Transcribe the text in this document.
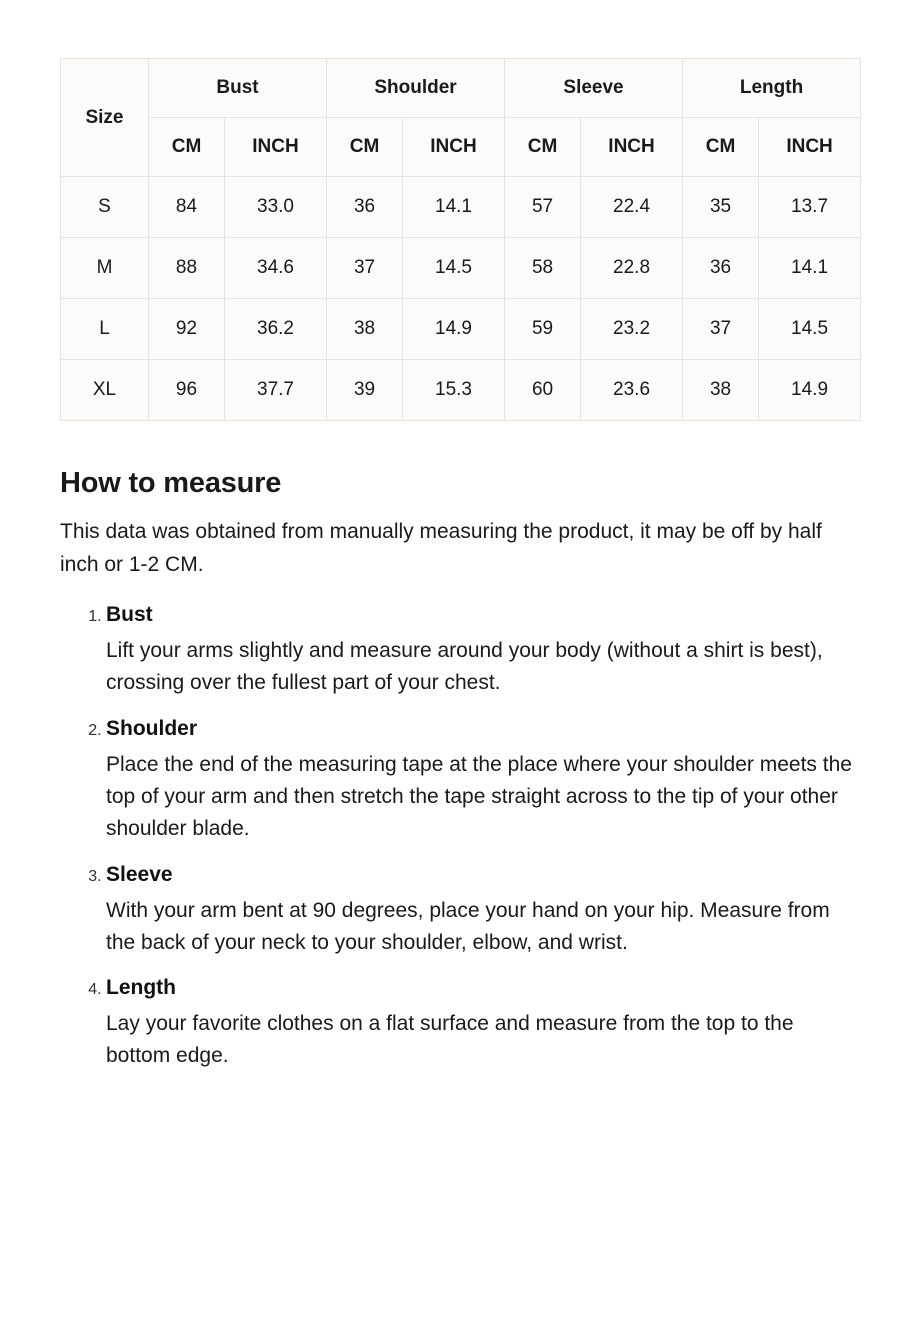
Size	Bust		Shoulder		Sleeve		Length	
	CM	INCH	CM	INCH	CM	INCH	CM	INCH
S	84	33.0	36	14.1	57	22.4	35	13.7
M	88	34.6	37	14.5	58	22.8	36	14.1
L	92	36.2	38	14.9	59	23.2	37	14.5
XL	96	37.7	39	15.3	60	23.6	38	14.9
How to measure

This data was obtained from manually measuring the product, it may be off by half inch or 1-2 CM.

1. Bust
Lift your arms slightly and measure around your body (without a shirt is best), crossing over the fullest part of your chest.
2. Shoulder
Place the end of the measuring tape at the place where your shoulder meets the top of your arm and then stretch the tape straight across to the tip of your other shoulder blade.
3. Sleeve
With your arm bent at 90 degrees, place your hand on your hip. Measure from the back of your neck to your shoulder, elbow, and wrist.
4. Length
Lay your favorite clothes on a flat surface and measure from the top to the bottom edge.
